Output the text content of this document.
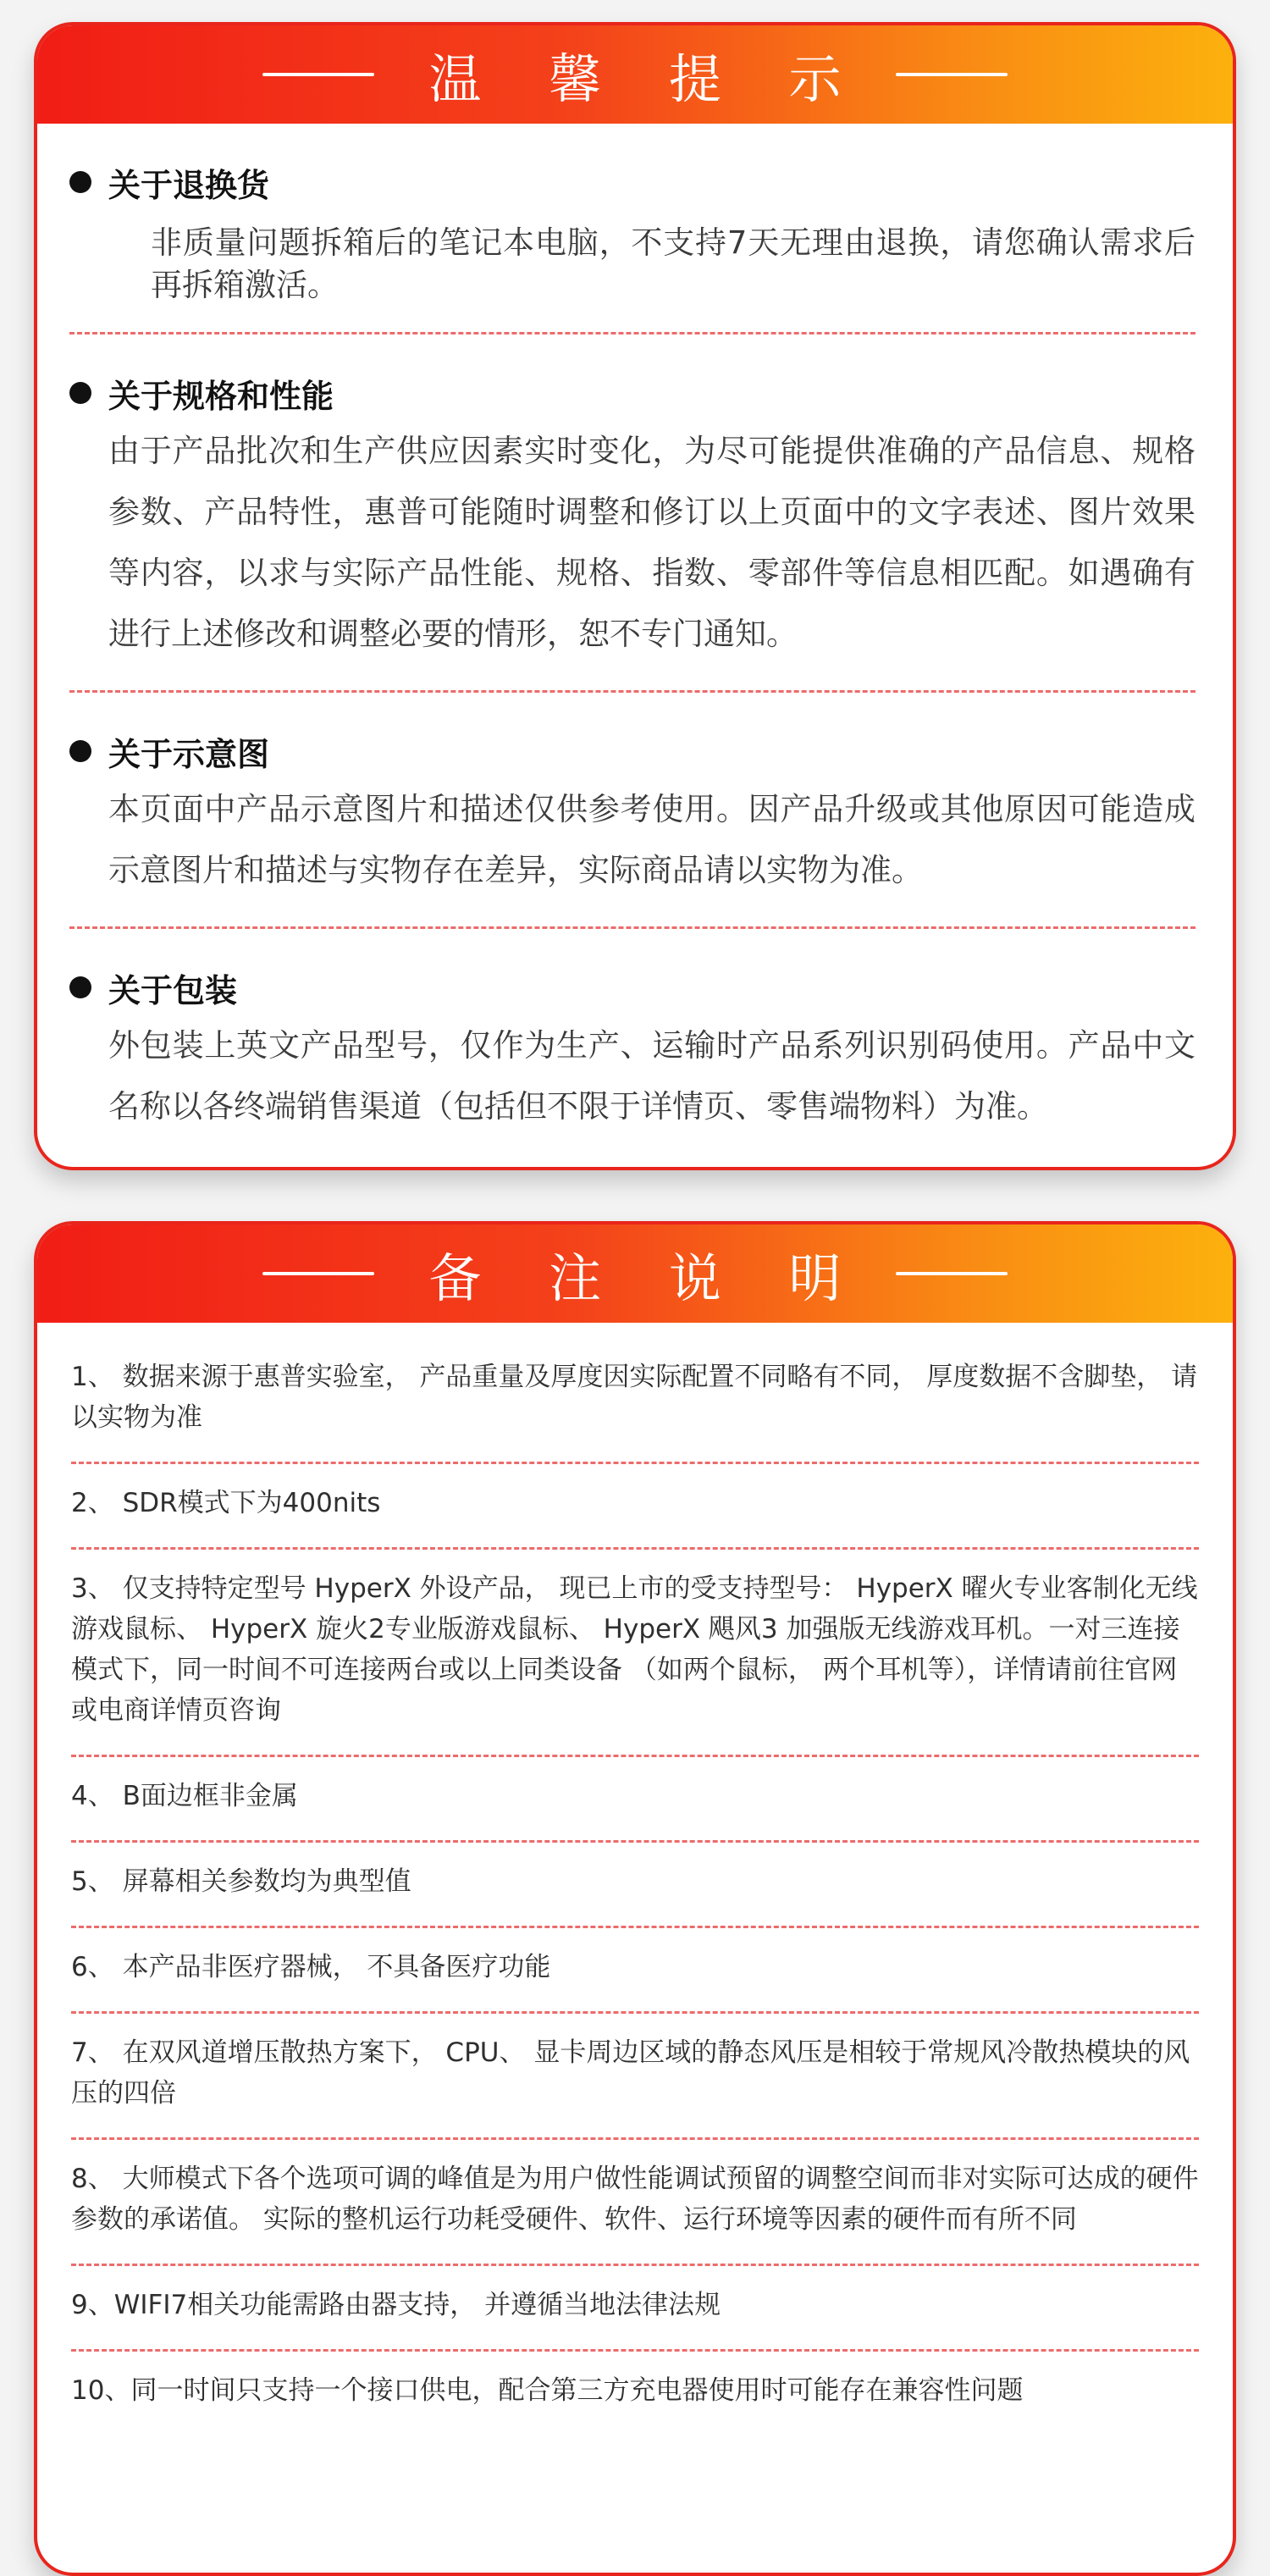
温 馨 提 示
关于退换货
非质量问题拆箱后的笔记本电脑，不支持7天无理由退换，请您确认需求后再拆箱激活。
关于规格和性能
由于产品批次和生产供应因素实时变化，为尽可能提供准确的产品信息、规格参数、产品特性，惠普可能随时调整和修订以上页面中的文字表述、图片效果等内容，以求与实际产品性能、规格、指数、零部件等信息相匹配。如遇确有进行上述修改和调整必要的情形，恕不专门通知。
关于示意图
本页面中产品示意图片和描述仅供参考使用。因产品升级或其他原因可能造成示意图片和描述与实物存在差异，实际商品请以实物为准。
关于包装
外包装上英文产品型号，仅作为生产、运输时产品系列识别码使用。产品中文名称以各终端销售渠道（包括但不限于详情页、零售端物料）为准。
备 注 说 明
1、 数据来源于惠普实验室， 产品重量及厚度因实际配置不同略有不同， 厚度数据不含脚垫， 请以实物为准
2、 SDR模式下为400nits
3、 仅支持特定型号 HyperX 外设产品， 现已上市的受支持型号： HyperX 曜火专业客制化无线游戏鼠标、 HyperX 旋火2专业版游戏鼠标、 HyperX 飓风3 加强版无线游戏耳机。一对三连接模式下，同一时间不可连接两台或以上同类设备 （如两个鼠标， 两个耳机等），详情请前往官网或电商详情页咨询
4、 B面边框非金属
5、 屏幕相关参数均为典型值
6、 本产品非医疗器械， 不具备医疗功能
7、 在双风道增压散热方案下， CPU、 显卡周边区域的静态风压是相较于常规风冷散热模块的风压的四倍
8、 大师模式下各个选项可调的峰值是为用户做性能调试预留的调整空间而非对实际可达成的硬件参数的承诺值。 实际的整机运行功耗受硬件、软件、运行环境等因素的硬件而有所不同
9、WIFI7相关功能需路由器支持， 并遵循当地法律法规
10、同一时间只支持一个接口供电，配合第三方充电器使用时可能存在兼容性问题
